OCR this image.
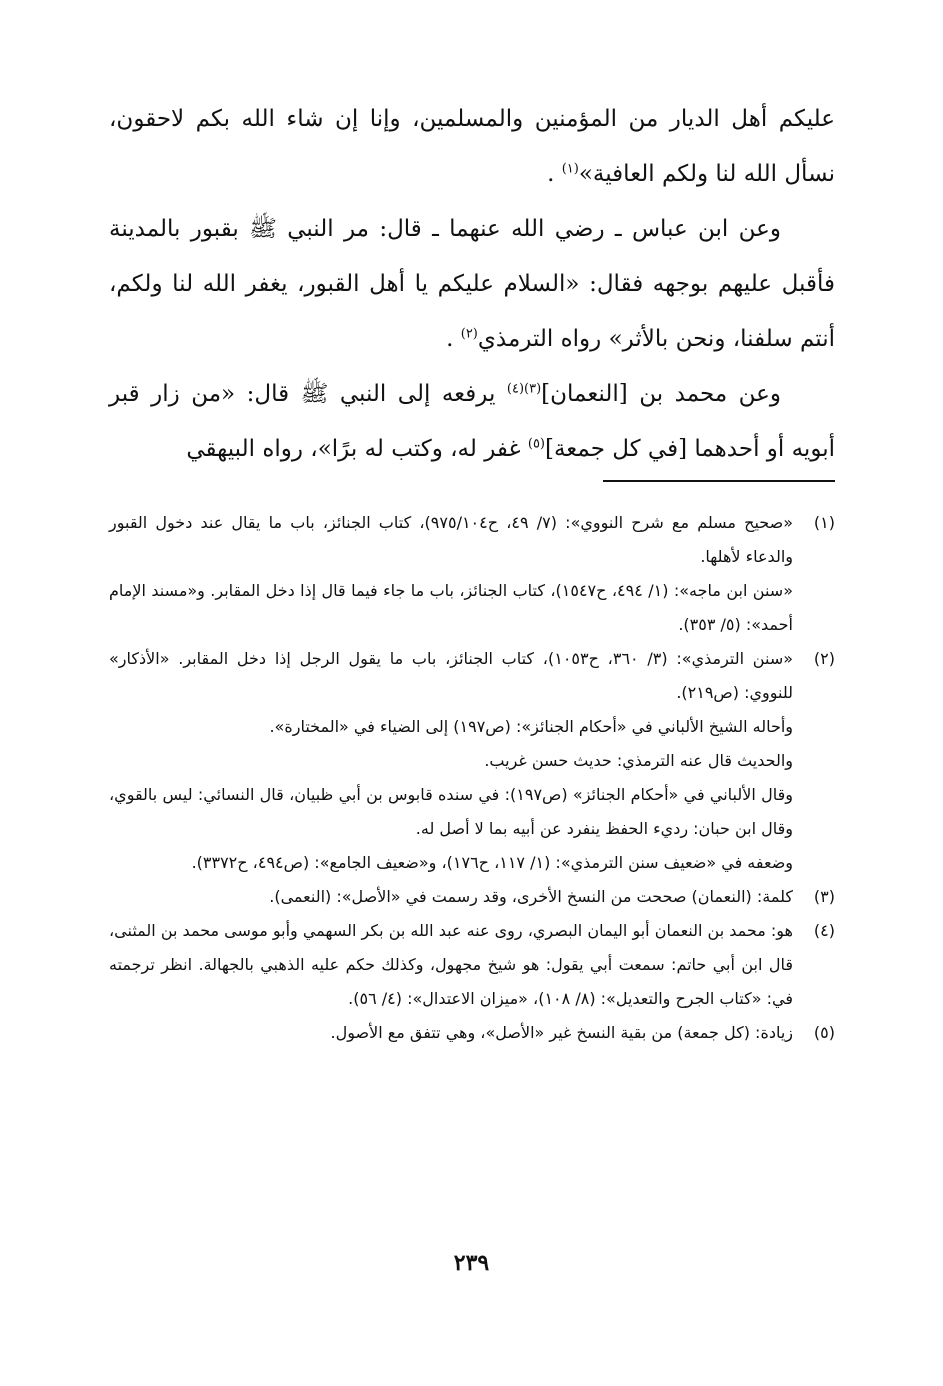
عليكم أهل الديار من المؤمنين والمسلمين، وإنا إن شاء الله بكم لاحقون، نسأل الله لنا ولكم العافية»$^{(١)}$ .

وعن ابن عباس ـ رضي الله عنهما ـ قال: مر النبي ﷺ بقبور بالمدينة فأقبل عليهم بوجهه فقال: «السلام عليكم يا أهل القبور، يغفر الله لنا ولكم، أنتم سلفنا، ونحن بالأثر» رواه الترمذي$^{(٢)}$ .

وعن محمد بن [النعمان]$^{(٣)(٤)}$ يرفعه إلى النبي ﷺ قال: «من زار قبر أبويه أو أحدهما [في كل جمعة]$^{(٥)}$ غفر له، وكتب له برًا»، رواه البيهقي

(١)

«صحيح مسلم مع شرح النووي»: (٧/ ٤٩، ح٩٧٥/١٠٤)، كتاب الجنائز، باب ما يقال عند دخول القبور والدعاء لأهلها.

«سنن ابن ماجه»: (١/ ٤٩٤، ح١٥٤٧)، كتاب الجنائز، باب ما جاء فيما قال إذا دخل المقابر. و«مسند الإمام أحمد»: (٥/ ٣٥٣).

(٢)

«سنن الترمذي»: (٣/ ٣٦٠، ح١٠٥٣)، كتاب الجنائز، باب ما يقول الرجل إذا دخل المقابر. «الأذكار» للنووي: (ص٢١٩).

وأحاله الشيخ الألباني في «أحكام الجنائز»: (ص١٩٧) إلى الضياء في «المختارة».

والحديث قال عنه الترمذي: حديث حسن غريب.

وقال الألباني في «أحكام الجنائز» (ص١٩٧): في سنده قابوس بن أبي ظبيان، قال النسائي: ليس بالقوي، وقال ابن حبان: رديء الحفظ ينفرد عن أبيه بما لا أصل له.

وضعفه في «ضعيف سنن الترمذي»: (١/ ١١٧، ح١٧٦)، و«ضعيف الجامع»: (ص٤٩٤، ح٣٣٧٢).

(٣)

كلمة: (النعمان) صححت من النسخ الأخرى، وقد رسمت في «الأصل»: (النعمى).

(٤)

هو: محمد بن النعمان أبو اليمان البصري، روى عنه عبد الله بن بكر السهمي وأبو موسى محمد بن المثنى، قال ابن أبي حاتم: سمعت أبي يقول: هو شيخ مجهول، وكذلك حكم عليه الذهبي بالجهالة. انظر ترجمته في: «كتاب الجرح والتعديل»: (٨/ ١٠٨)، «ميزان الاعتدال»: (٤/ ٥٦).

(٥)

زيادة: (كل جمعة) من بقية النسخ غير «الأصل»، وهي تتفق مع الأصول.

٢٣٩
